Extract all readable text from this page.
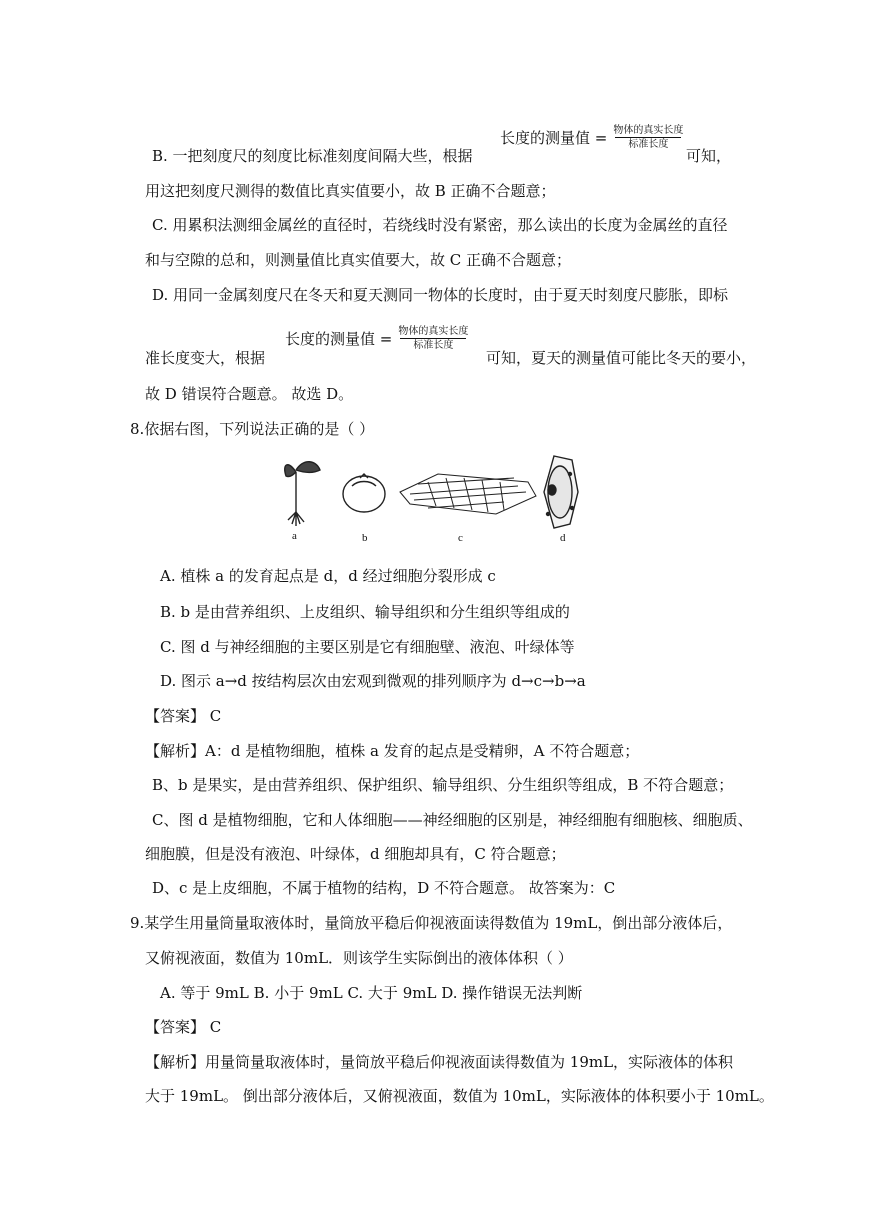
长度的测量值 = $\frac{\text{物体的真实长度}}{\text{标准长度}}$
B. 一把刻度尺的刻度比标准刻度间隔大些，根据	可知，
用这把刻度尺测得的数值比真实值要小，故 B 正确不合题意；
C. 用累积法测细金属丝的直径时，若绕线时没有紧密，那么读出的长度为金属丝的直径
和与空隙的总和，则测量值比真实值要大，故 C 正确不合题意；
D. 用同一金属刻度尺在冬天和夏天测同一物体的长度时，由于夏天时刻度尺膨胀，即标
长度的测量值 = $\frac{\text{物体的真实长度}}{\text{标准长度}}$
准长度变大，根据	可知，夏天的测量值可能比冬天的要小，
故 D 错误符合题意。 故选 D。
8.依据右图，下列说法正确的是（ ）
a	b	c	d
A. 植株 a 的发育起点是 d，d 经过细胞分裂形成 c
B. b 是由营养组织、上皮组织、输导组织和分生组织等组成的
C. 图 d 与神经细胞的主要区别是它有细胞壁、液泡、叶绿体等
D. 图示 a→d 按结构层次由宏观到微观的排列顺序为 d→c→b→a
【答案】 C
【解析】A：d 是植物细胞，植株 a 发育的起点是受精卵，A 不符合题意；
B、b 是果实，是由营养组织、保护组织、输导组织、分生组织等组成，B 不符合题意；
C、图 d 是植物细胞，它和人体细胞——神经细胞的区别是，神经细胞有细胞核、细胞质、
细胞膜，但是没有液泡、叶绿体，d 细胞却具有，C 符合题意；
D、c 是上皮细胞，不属于植物的结构，D 不符合题意。 故答案为：C
9.某学生用量筒量取液体时，量筒放平稳后仰视液面读得数值为 19mL，倒出部分液体后，
又俯视液面，数值为 10mL．则该学生实际倒出的液体体积（ ）
A. 等于 9mL B. 小于 9mL C. 大于 9mL D. 操作错误无法判断
【答案】 C
【解析】用量筒量取液体时，量筒放平稳后仰视液面读得数值为 19mL，实际液体的体积
大于 19mL。 倒出部分液体后，又俯视液面，数值为 10mL，实际液体的体积要小于 10mL。
